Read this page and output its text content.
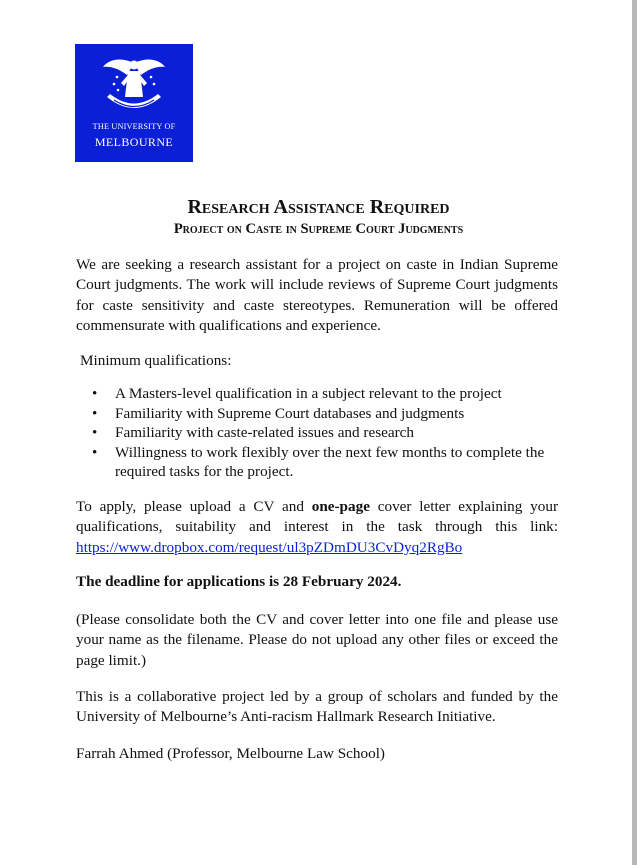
THE UNIVERSITY OF
MELBOURNE
Research Assistance Required
Project on Caste in Supreme Court Judgments

We are seeking a research assistant for a project on caste in Indian Supreme Court judgments. The work will include reviews of Supreme Court judgments for caste sensitivity and caste stereotypes. Remuneration will be offered commensurate with qualifications and experience.

Minimum qualifications:

• A Masters-level qualification in a subject relevant to the project
• Familiarity with Supreme Court databases and judgments
• Familiarity with caste-related issues and research
• Willingness to work flexibly over the next few months to complete the required tasks for the project.

To apply, please upload a CV and one-page cover letter explaining your qualifications, suitability and interest in the task through this link: https://www.dropbox.com/request/ul3pZDmDU3CvDyq2RgBo

The deadline for applications is 28 February 2024.

(Please consolidate both the CV and cover letter into one file and please use your name as the filename. Please do not upload any other files or exceed the page limit.)

This is a collaborative project led by a group of scholars and funded by the University of Melbourne’s Anti-racism Hallmark Research Initiative.

Farrah Ahmed (Professor, Melbourne Law School)
